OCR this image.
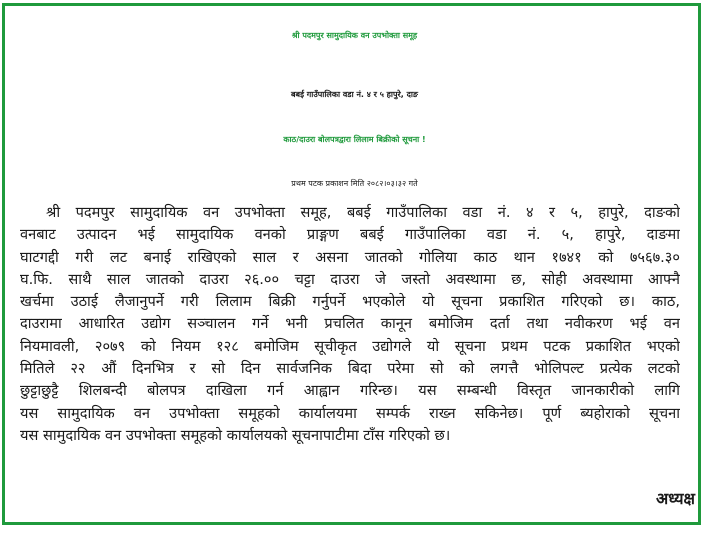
श्री पदमपुर सामुदायिक वन उपभोक्ता समूह
बबई गाउँपालिका वडा नं. ४ र ५ हापुरे, दाङ
काठ/दाउरा बोलपत्रद्वारा लिलाम बिक्रीको सूचना !
प्रथम पटक प्रकाशन मिति २०८२।०३।३२ गते
श्री पदमपुर सामुदायिक वन उपभोक्ता समूह, बबई गाउँपालिका वडा नं. ४ र ५, हापुरे, दाङको
वनबाट उत्पादन भई सामुदायिक वनको प्राङ्गण बबई गाउँपालिका वडा नं. ५, हापुरे, दाङमा
घाटगद्दी गरी लट बनाई राखिएको साल र असना जातको गोलिया काठ थान १७४१ को ७५६७.३०
घ.फि. साथै साल जातको दाउरा २६.०० चट्टा दाउरा जे जस्तो अवस्थामा छ, सोही अवस्थामा आफ्नै
खर्चमा उठाई लैजानुपर्ने गरी लिलाम बिक्री गर्नुपर्ने भएकोले यो सूचना प्रकाशित गरिएको छ। काठ,
दाउरामा आधारित उद्योग सञ्चालन गर्ने भनी प्रचलित कानून बमोजिम दर्ता तथा नवीकरण भई वन
नियमावली, २०७९ को नियम १२८ बमोजिम सूचीकृत उद्योगले यो सूचना प्रथम पटक प्रकाशित भएको
मितिले २२ औं दिनभित्र र सो दिन सार्वजनिक बिदा परेमा सो को लगत्तै भोलिपल्ट प्रत्येक लटको
छुट्टाछुट्टै शिलबन्दी बोलपत्र दाखिला गर्न आह्वान गरिन्छ। यस सम्बन्धी विस्तृत जानकारीको लागि
यस सामुदायिक वन उपभोक्ता समूहको कार्यालयमा सम्पर्क राख्न सकिनेछ। पूर्ण ब्यहोराको सूचना
यस सामुदायिक वन उपभोक्ता समूहको कार्यालयको सूचनापाटीमा टाँस गरिएको छ।
अध्यक्ष
